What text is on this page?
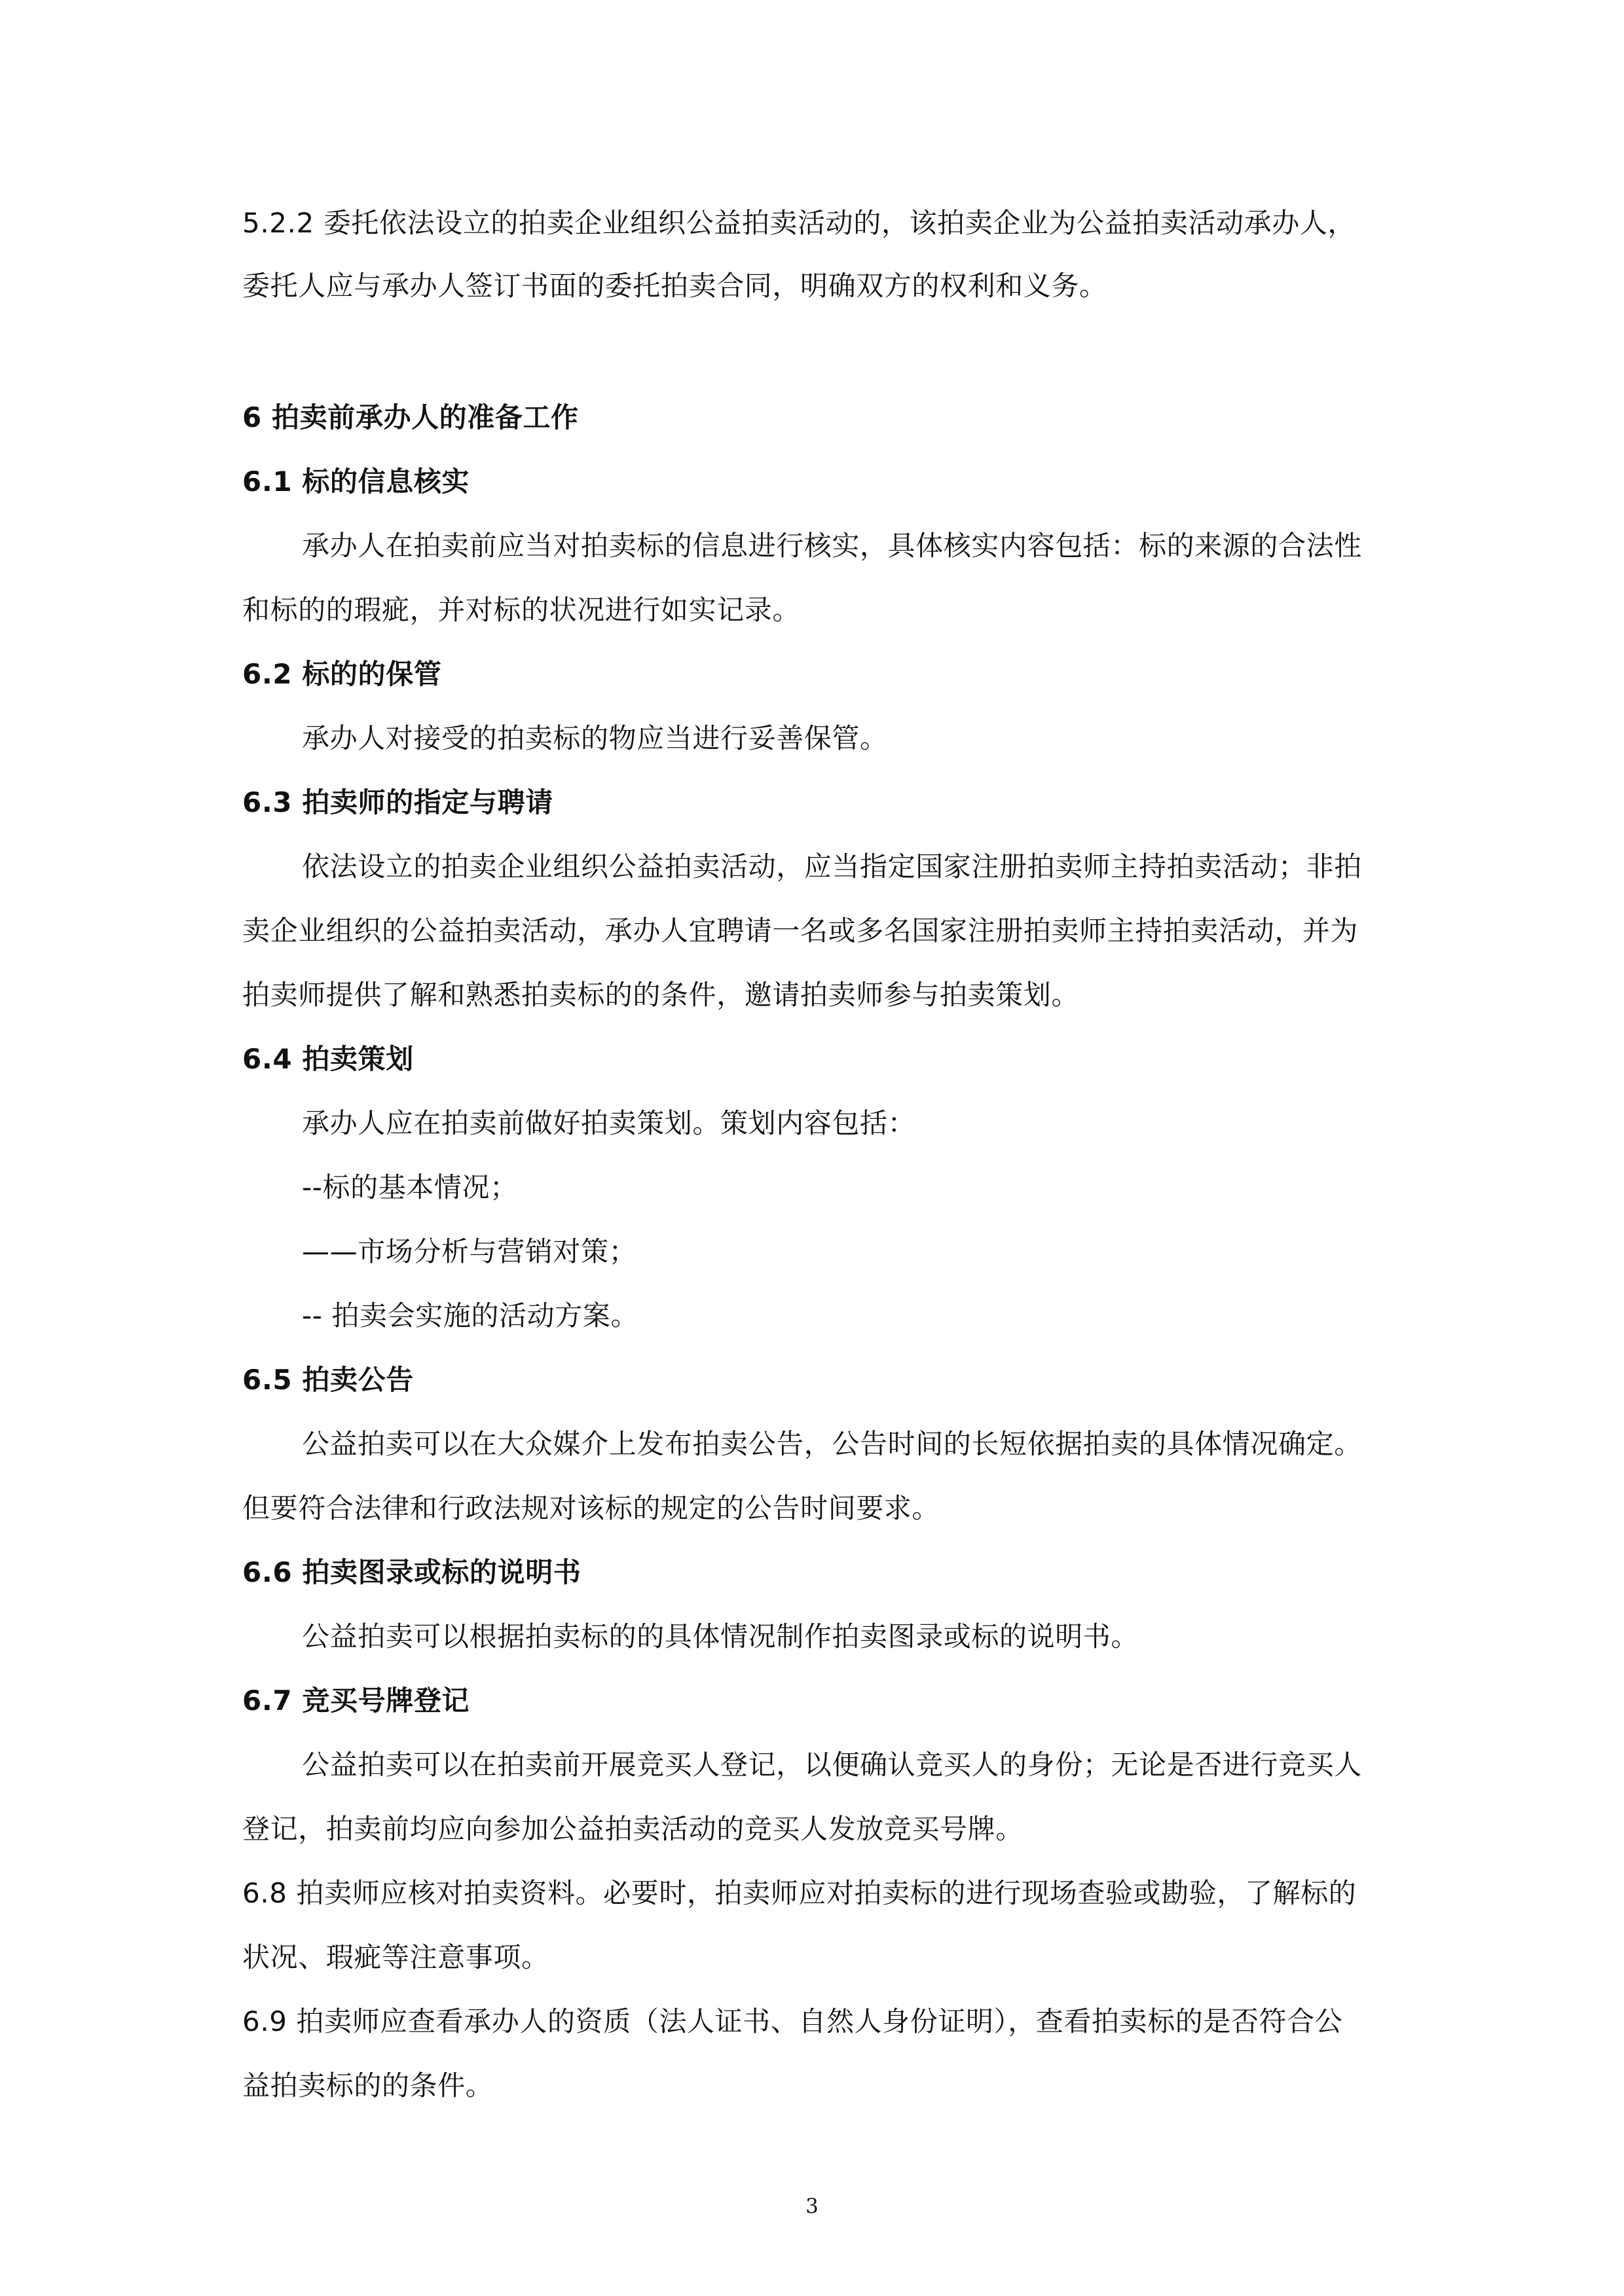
5.2.2 委托依法设立的拍卖企业组织公益拍卖活动的，该拍卖企业为公益拍卖活动承办人，
委托人应与承办人签订书面的委托拍卖合同，明确双方的权利和义务。
6 拍卖前承办人的准备工作
6.1 标的信息核实
承办人在拍卖前应当对拍卖标的信息进行核实，具体核实内容包括：标的来源的合法性
和标的的瑕疵，并对标的状况进行如实记录。
6.2 标的的保管
承办人对接受的拍卖标的物应当进行妥善保管。
6.3 拍卖师的指定与聘请
依法设立的拍卖企业组织公益拍卖活动，应当指定国家注册拍卖师主持拍卖活动；非拍
卖企业组织的公益拍卖活动，承办人宜聘请一名或多名国家注册拍卖师主持拍卖活动，并为
拍卖师提供了解和熟悉拍卖标的的条件，邀请拍卖师参与拍卖策划。
6.4 拍卖策划
承办人应在拍卖前做好拍卖策划。策划内容包括：
--标的基本情况；
——市场分析与营销对策；
-- 拍卖会实施的活动方案。
6.5 拍卖公告
公益拍卖可以在大众媒介上发布拍卖公告，公告时间的长短依据拍卖的具体情况确定。
但要符合法律和行政法规对该标的规定的公告时间要求。
6.6 拍卖图录或标的说明书
公益拍卖可以根据拍卖标的的具体情况制作拍卖图录或标的说明书。
6.7 竞买号牌登记
公益拍卖可以在拍卖前开展竞买人登记，以便确认竞买人的身份；无论是否进行竞买人
登记，拍卖前均应向参加公益拍卖活动的竞买人发放竞买号牌。
6.8 拍卖师应核对拍卖资料。必要时，拍卖师应对拍卖标的进行现场查验或勘验，了解标的
状况、瑕疵等注意事项。
6.9 拍卖师应查看承办人的资质（法人证书、自然人身份证明），查看拍卖标的是否符合公
益拍卖标的的条件。
3
